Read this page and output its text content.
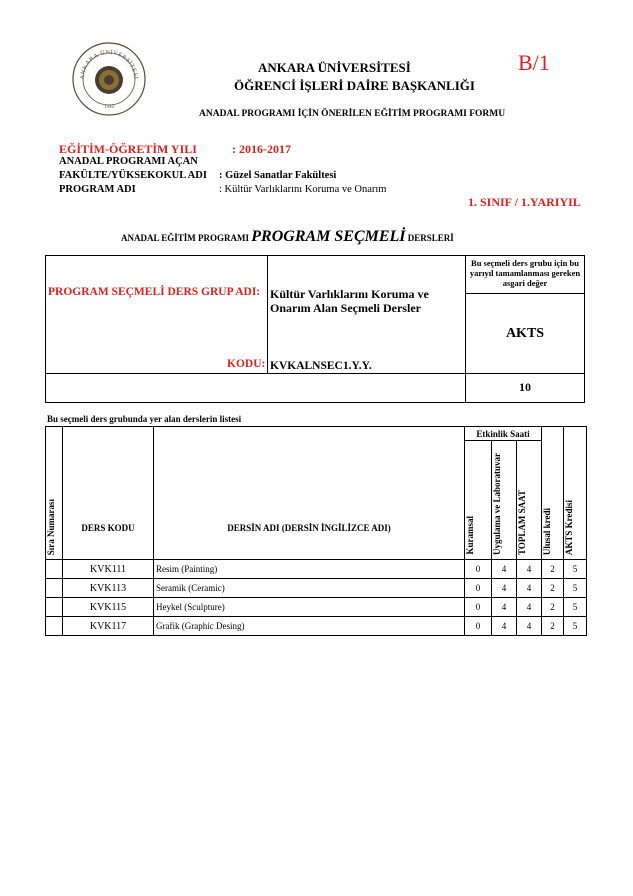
ANKARA ÜNİVERSİTESİ
1946
ANKARA ÜNİVERSİTESİ
ÖĞRENCİ İŞLERİ DAİRE BAŞKANLIĞI
B/1
ANADAL PROGRAMI İÇİN ÖNERİLEN EĞİTİM PROGRAMI FORMU
EĞİTİM-ÖĞRETİM YILI	: 2016-2017
ANADAL PROGRAMI AÇAN
FAKÜLTE/YÜKSEKOKUL ADI : Güzel Sanatlar Fakültesi
PROGRAM ADI	: Kültür Varlıklarını Koruma ve Onarım
1. SINIF / 1.YARIYIL
ANADAL EĞİTİM PROGRAMI PROGRAM SEÇMELİ DERSLERİ
PROGRAM SEÇMELİ DERS GRUP ADI: Kültür Varlıklarını Koruma ve Onarım Alan Seçmeli Dersler
KODU: KVKALNSEC1.Y.Y.
Bu seçmeli ders grubu için bu yarıyıl tamamlanması gereken asgari değer
AKTS
10
Bu seçmeli ders grubunda yer alan derslerin listesi
Sıra Numarası	DERS KODU	DERSİN ADI (DERSİN İNGİLİZCE ADI)	Etkinlik Saati			Ulusal kredi	AKTS Kredisi

			Kuramsal	Uygulama ve Laboratuvar	TOPLAM SAAT		

	KVK111	Resim (Painting)	0	4	4	2	5
	KVK113	Seramik (Ceramic)	0	4	4	2	5
	KVK115	Heykel (Sculpture)	0	4	4	2	5
	KVK117	Grafik (Graphic Desing)	0	4	4	2	5
